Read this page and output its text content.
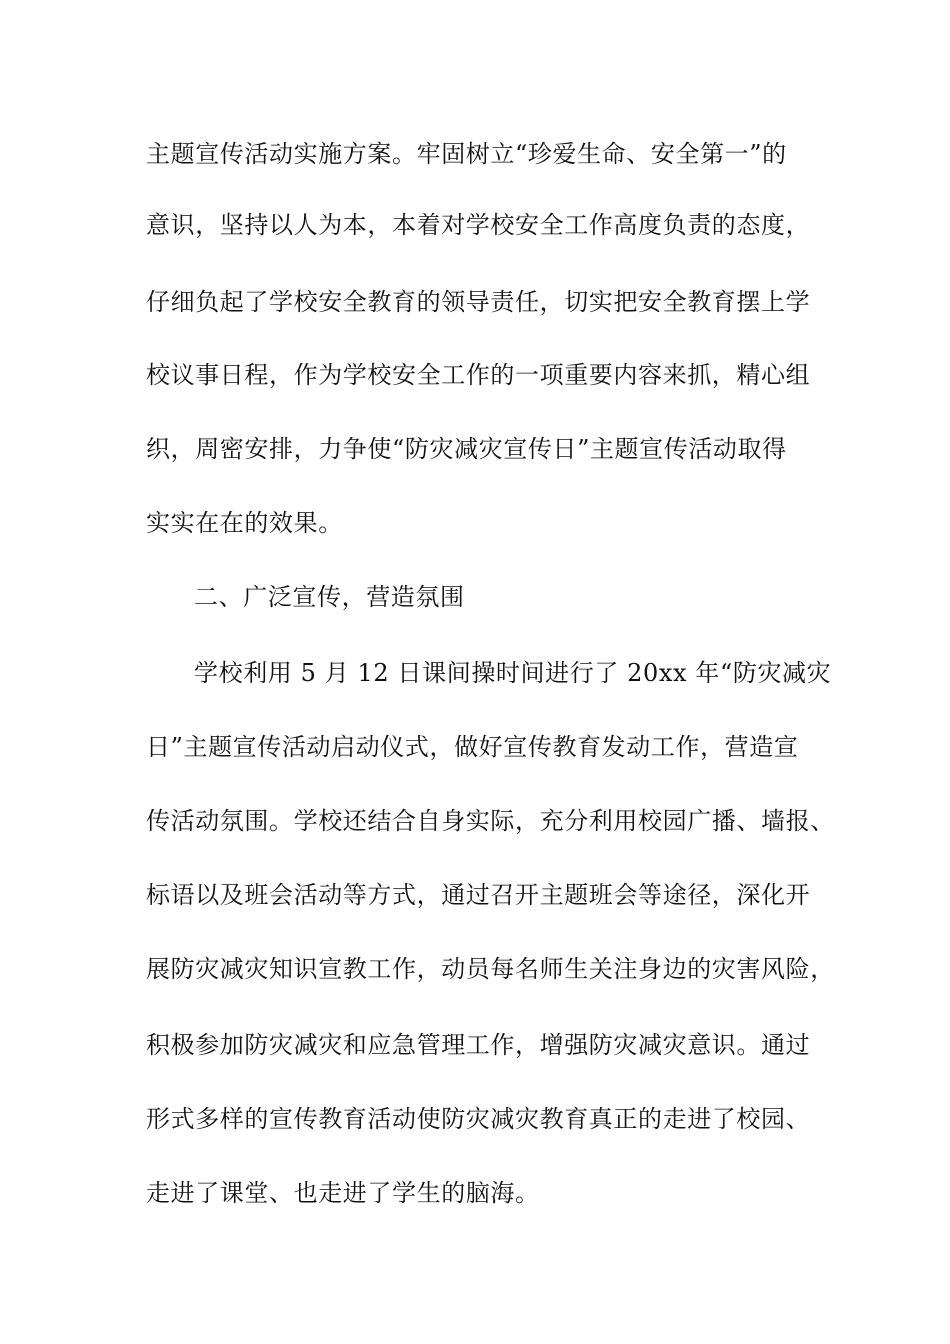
主题宣传活动实施方案。牢固树立“珍爱生命、安全第一”的
意识，坚持以人为本，本着对学校安全工作高度负责的态度，
仔细负起了学校安全教育的领导责任，切实把安全教育摆上学
校议事日程，作为学校安全工作的一项重要内容来抓，精心组
织，周密安排，力争使“防灾减灾宣传日”主题宣传活动取得
实实在在的效果。
二、广泛宣传，营造氛围
学校利用 5 月 12 日课间操时间进行了 20xx 年“防灾减灾
日”主题宣传活动启动仪式，做好宣传教育发动工作，营造宣
传活动氛围。学校还结合自身实际，充分利用校园广播、墙报、
标语以及班会活动等方式，通过召开主题班会等途径，深化开
展防灾减灾知识宣教工作，动员每名师生关注身边的灾害风险，
积极参加防灾减灾和应急管理工作，增强防灾减灾意识。通过
形式多样的宣传教育活动使防灾减灾教育真正的走进了校园、
走进了课堂、也走进了学生的脑海。
